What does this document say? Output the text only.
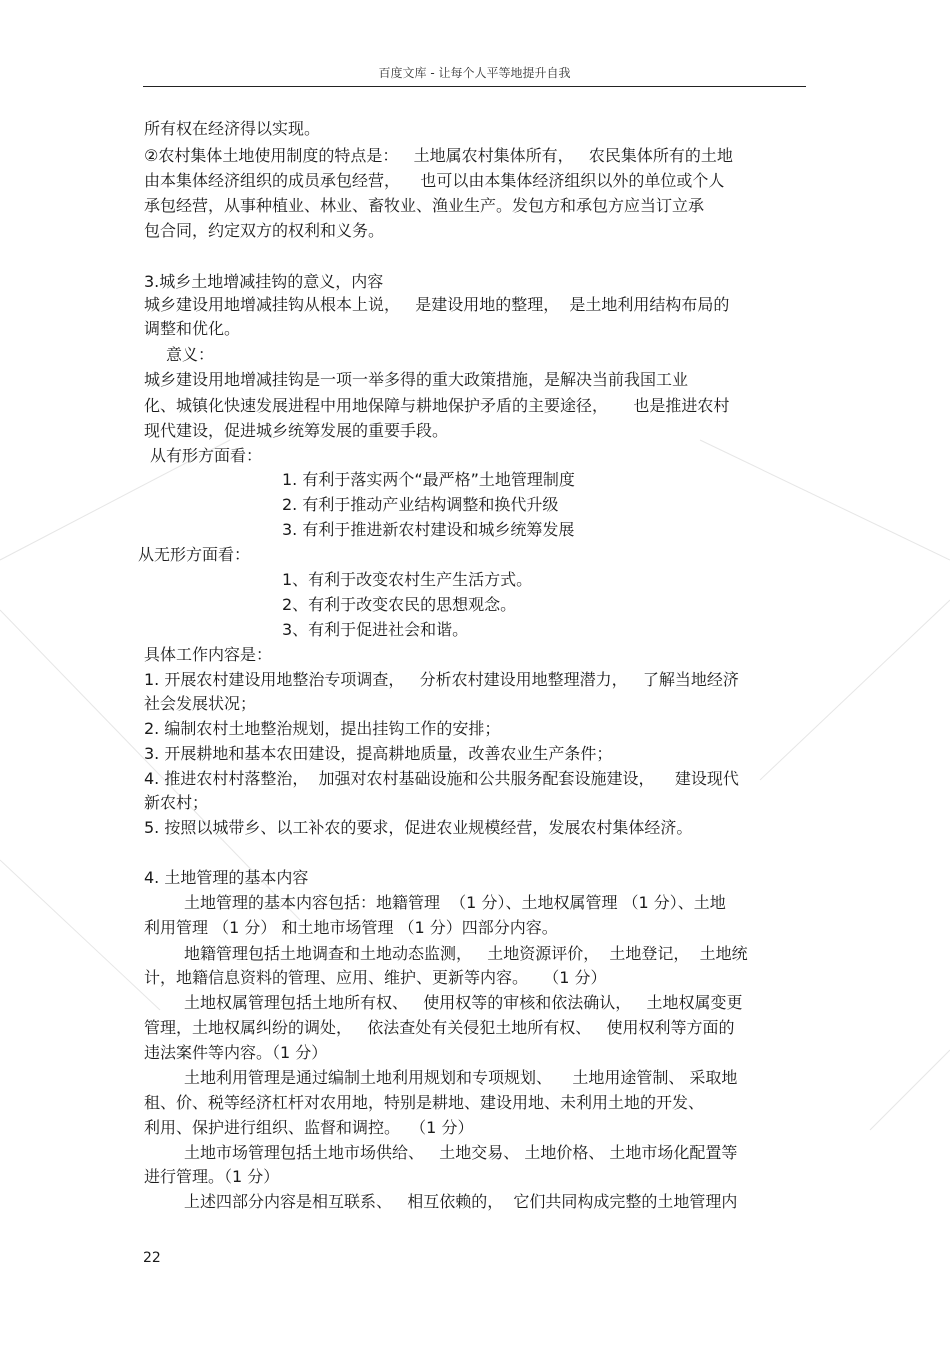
百度文库 - 让每个人平等地提升自我
所有权在经济得以实现。
②农村集体土地使用制度的特点是：   土地属农村集体所有，   农民集体所有的土地
由本集体经济组织的成员承包经营，    也可以由本集体经济组织以外的单位或个人
承包经营，从事种植业、林业、畜牧业、渔业生产。发包方和承包方应当订立承
包合同，约定双方的权利和义务。
3.城乡土地增减挂钩的意义，内容
城乡建设用地增减挂钩从根本上说，   是建设用地的整理，  是土地利用结构布局的
调整和优化。
意义：
城乡建设用地增减挂钩是一项一举多得的重大政策措施，是解决当前我国工业
化、城镇化快速发展进程中用地保障与耕地保护矛盾的主要途径，     也是推进农村
现代建设，促进城乡统筹发展的重要手段。
从有形方面看：
1. 有利于落实两个“最严格”土地管理制度
2. 有利于推动产业结构调整和换代升级
3. 有利于推进新农村建设和城乡统筹发展
从无形方面看：
1、有利于改变农村生产生活方式。
2、有利于改变农民的思想观念。
3、有利于促进社会和谐。
具体工作内容是：
1. 开展农村建设用地整治专项调查，   分析农村建设用地整理潜力，   了解当地经济
社会发展状况；
2. 编制农村土地整治规划，提出挂钩工作的安排；
3. 开展耕地和基本农田建设，提高耕地质量，改善农业生产条件；
4. 推进农村村落整治，  加强对农村基础设施和公共服务配套设施建设，    建设现代
新农村；
5. 按照以城带乡、以工补农的要求，促进农业规模经营，发展农村集体经济。
4. 土地管理的基本内容
土地管理的基本内容包括：地籍管理  （1 分）、土地权属管理 （1 分）、土地
利用管理 （1 分） 和土地市场管理 （1 分）四部分内容。
地籍管理包括土地调查和土地动态监测，   土地资源评价，  土地登记，  土地统
计，地籍信息资料的管理、应用、维护、更新等内容。   （1 分）
土地权属管理包括土地所有权、   使用权等的审核和依法确认，   土地权属变更
管理，土地权属纠纷的调处，   依法查处有关侵犯土地所有权、   使用权利等方面的
违法案件等内容。（1 分）
土地利用管理是通过编制土地利用规划和专项规划、    土地用途管制、 采取地
租、价、税等经济杠杆对农用地，特别是耕地、建设用地、未利用土地的开发、
利用、保护进行组织、监督和调控。  （1 分）
土地市场管理包括土地市场供给、   土地交易、 土地价格、 土地市场化配置等
进行管理。（1 分）
上述四部分内容是相互联系、   相互依赖的，  它们共同构成完整的土地管理内
22
